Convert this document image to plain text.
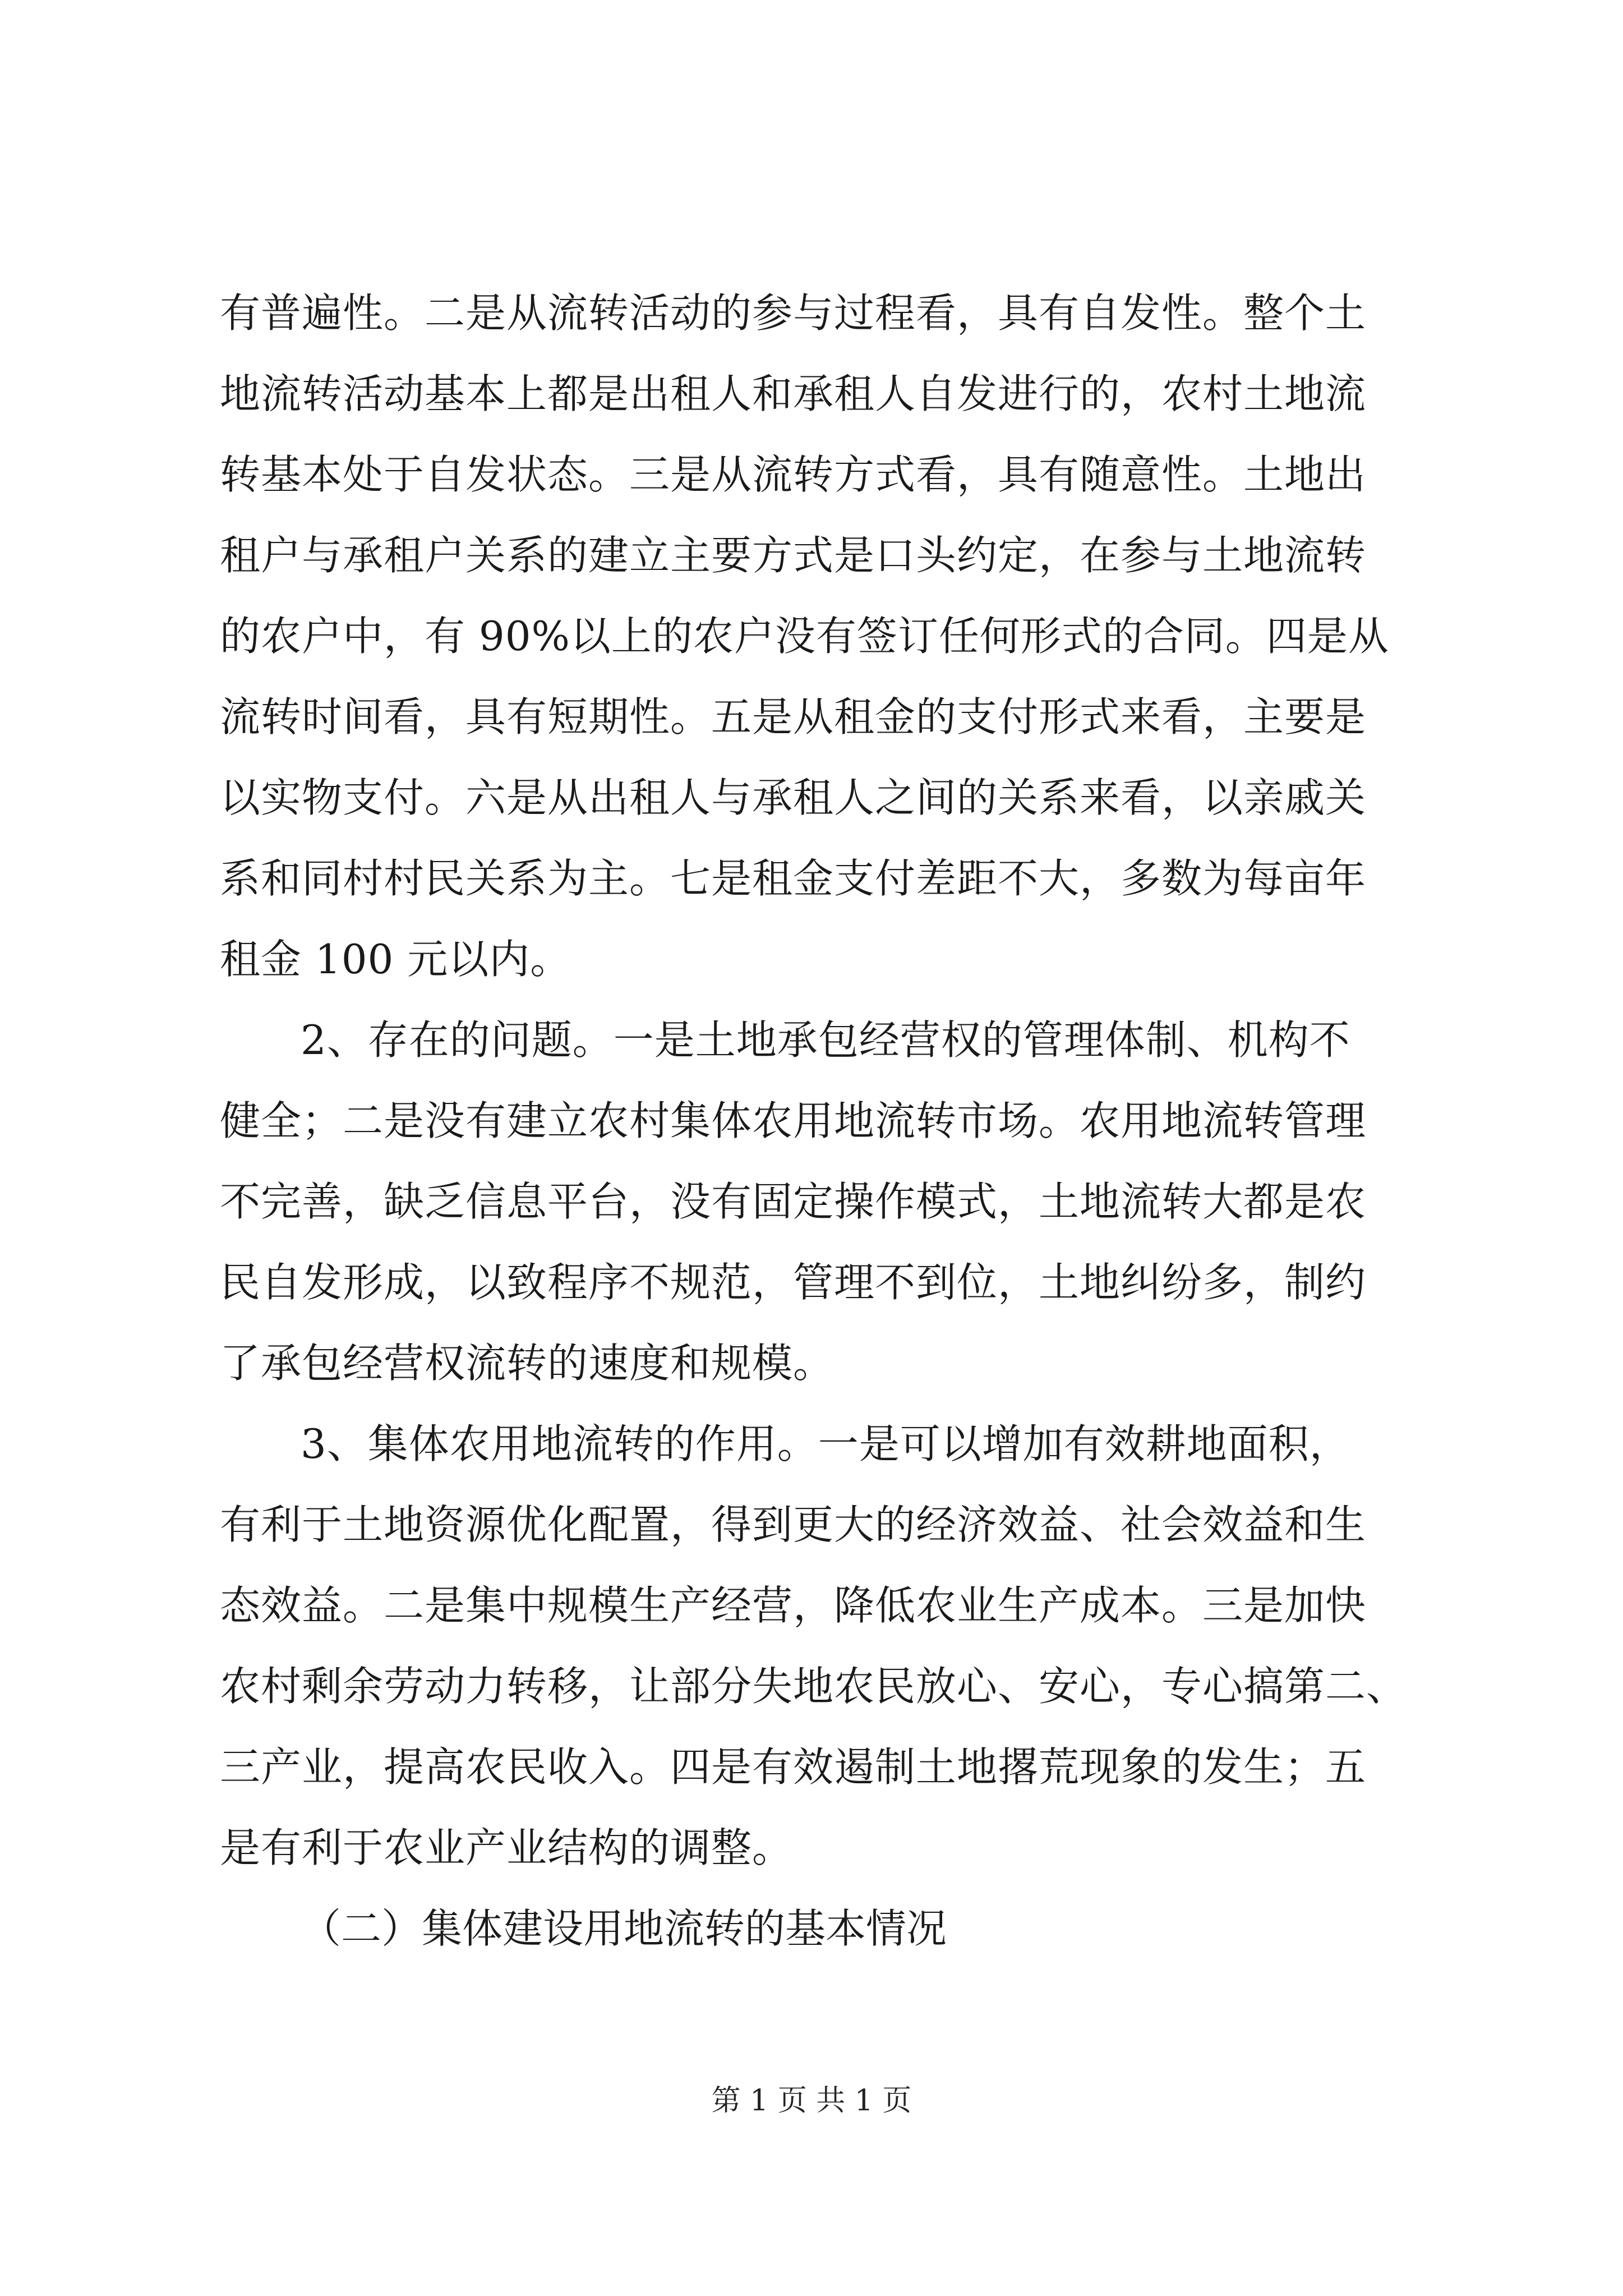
有普遍性。二是从流转活动的参与过程看，具有自发性。整个土
地流转活动基本上都是出租人和承租人自发进行的，农村土地流
转基本处于自发状态。三是从流转方式看，具有随意性。土地出
租户与承租户关系的建立主要方式是口头约定，在参与土地流转
的农户中，有 90%以上的农户没有签订任何形式的合同。四是从
流转时间看，具有短期性。五是从租金的支付形式来看，主要是
以实物支付。六是从出租人与承租人之间的关系来看，以亲戚关
系和同村村民关系为主。七是租金支付差距不大，多数为每亩年
租金 100 元以内。
2、存在的问题。一是土地承包经营权的管理体制、机构不
健全；二是没有建立农村集体农用地流转市场。农用地流转管理
不完善，缺乏信息平台，没有固定操作模式，土地流转大都是农
民自发形成，以致程序不规范，管理不到位，土地纠纷多，制约
了承包经营权流转的速度和规模。
3、集体农用地流转的作用。一是可以增加有效耕地面积，
有利于土地资源优化配置，得到更大的经济效益、社会效益和生
态效益。二是集中规模生产经营，降低农业生产成本。三是加快
农村剩余劳动力转移，让部分失地农民放心、安心，专心搞第二、
三产业，提高农民收入。四是有效遏制土地撂荒现象的发生；五
是有利于农业产业结构的调整。
（二）集体建设用地流转的基本情况
第 1 页 共 1 页
